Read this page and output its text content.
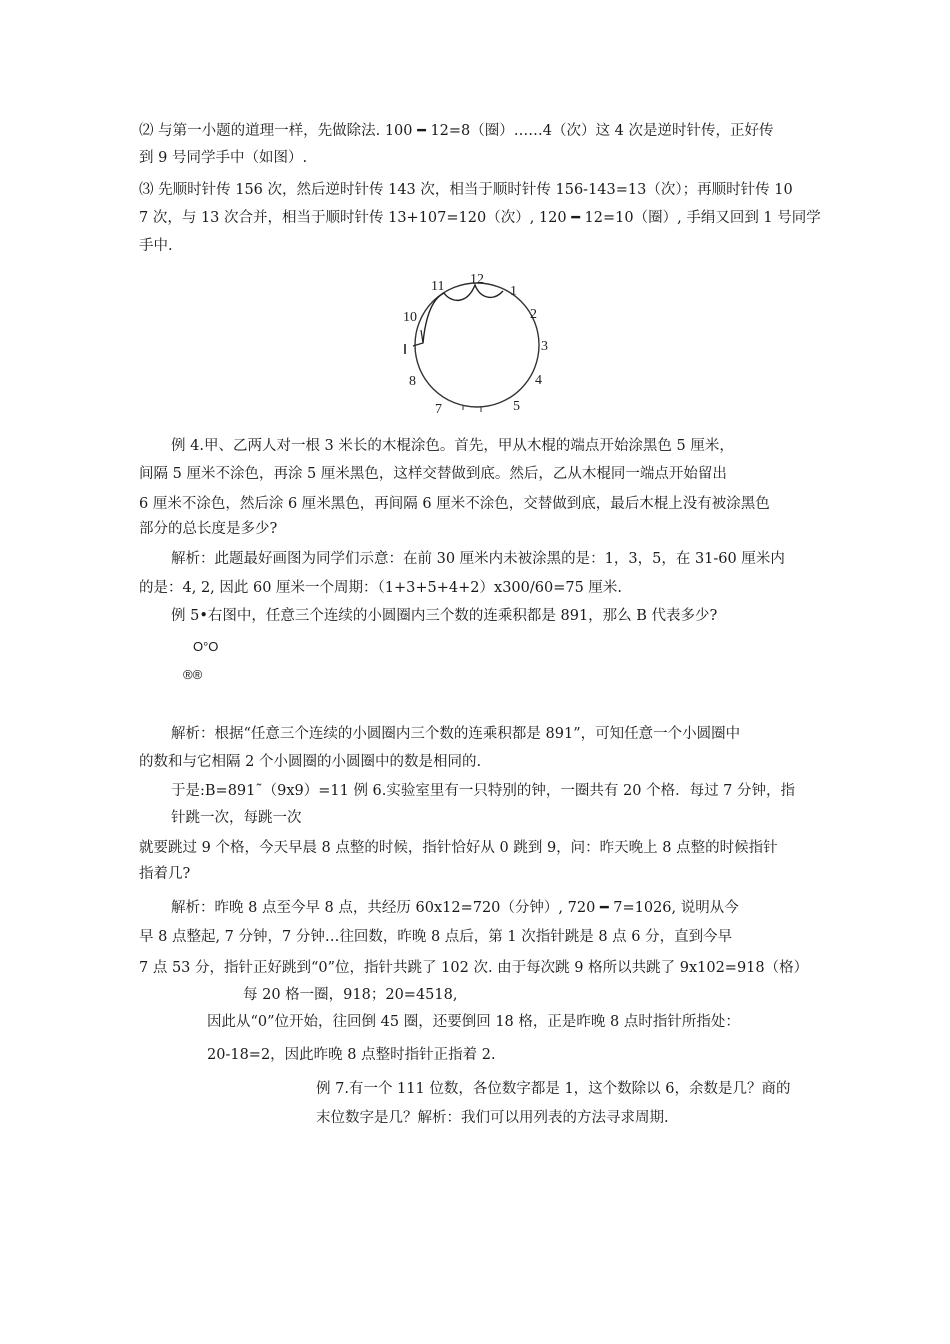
⑵ 与第一小题的道理一样，先做除法. 100 ━ 12=8（圈）……4（次）这 4 次是逆时针传，正好传
到 9 号同学手中（如图）.
⑶ 先顺时针传 156 次，然后逆时针传 143 次，相当于顺时针传 156-143=13（次）；再顺时针传 10
7 次，与 13 次合并，相当于顺时针传 13+107=120（次）, 120 ━ 12=10（圈）, 手绢又回到 1 号同学
手中.
12
1
2
3
4
5
7
8
10
11
例 4.甲、乙两人对一根 3 米长的木棍涂色。首先，甲从木棍的端点开始涂黑色 5 厘米，
间隔 5 厘米不涂色，再涂 5 厘米黑色，这样交替做到底。然后，乙从木棍同一端点开始留出
6 厘米不涂色，然后涂 6 厘米黑色，再间隔 6 厘米不涂色，交替做到底，最后木棍上没有被涂黑色
部分的总长度是多少?
解析：此题最好画图为同学们示意：在前 30 厘米内未被涂黑的是：1，3，5，在 31-60 厘米内
的是：4, 2, 因此 60 厘米一个周期：（1+3+5+4+2）x300/60=75 厘米.
例 5•右图中，任意三个连续的小圆圈内三个数的连乘积都是 891，那么 B 代表多少?
O°O
®®
解析：根据“任意三个连续的小圆圈内三个数的连乘积都是 891”，可知任意一个小圆圈中
的数和与它相隔 2 个小圆圈的小圆圈中的数是相同的.
于是:B=891˜（9x9）=11 例 6.实验室里有一只特别的钟，一圈共有 20 个格．每过 7 分钟，指
针跳一次，每跳一次
就要跳过 9 个格，今天早晨 8 点整的时候，指针恰好从 0 跳到 9，问：昨天晚上 8 点整的时候指针
指着几?
解析：昨晚 8 点至今早 8 点，共经历 60x12=720（分钟）, 720 ━ 7=1026, 说明从今
早 8 点整起, 7 分钟，7 分钟…往回数，昨晚 8 点后，第 1 次指针跳是 8 点 6 分，直到今早
7 点 53 分，指针正好跳到“0”位，指针共跳了 102 次. 由于每次跳 9 格所以共跳了 9x102=918（格）
每 20 格一圈，918；20=4518,
因此从“0”位开始，往回倒 45 圈，还要倒回 18 格，正是昨晚 8 点时指针所指处：
20-18=2，因此昨晚 8 点整时指针正指着 2.
例 7.有一个 111 位数，各位数字都是 1，这个数除以 6，余数是几？商的
末位数字是几？解析：我们可以用列表的方法寻求周期.
